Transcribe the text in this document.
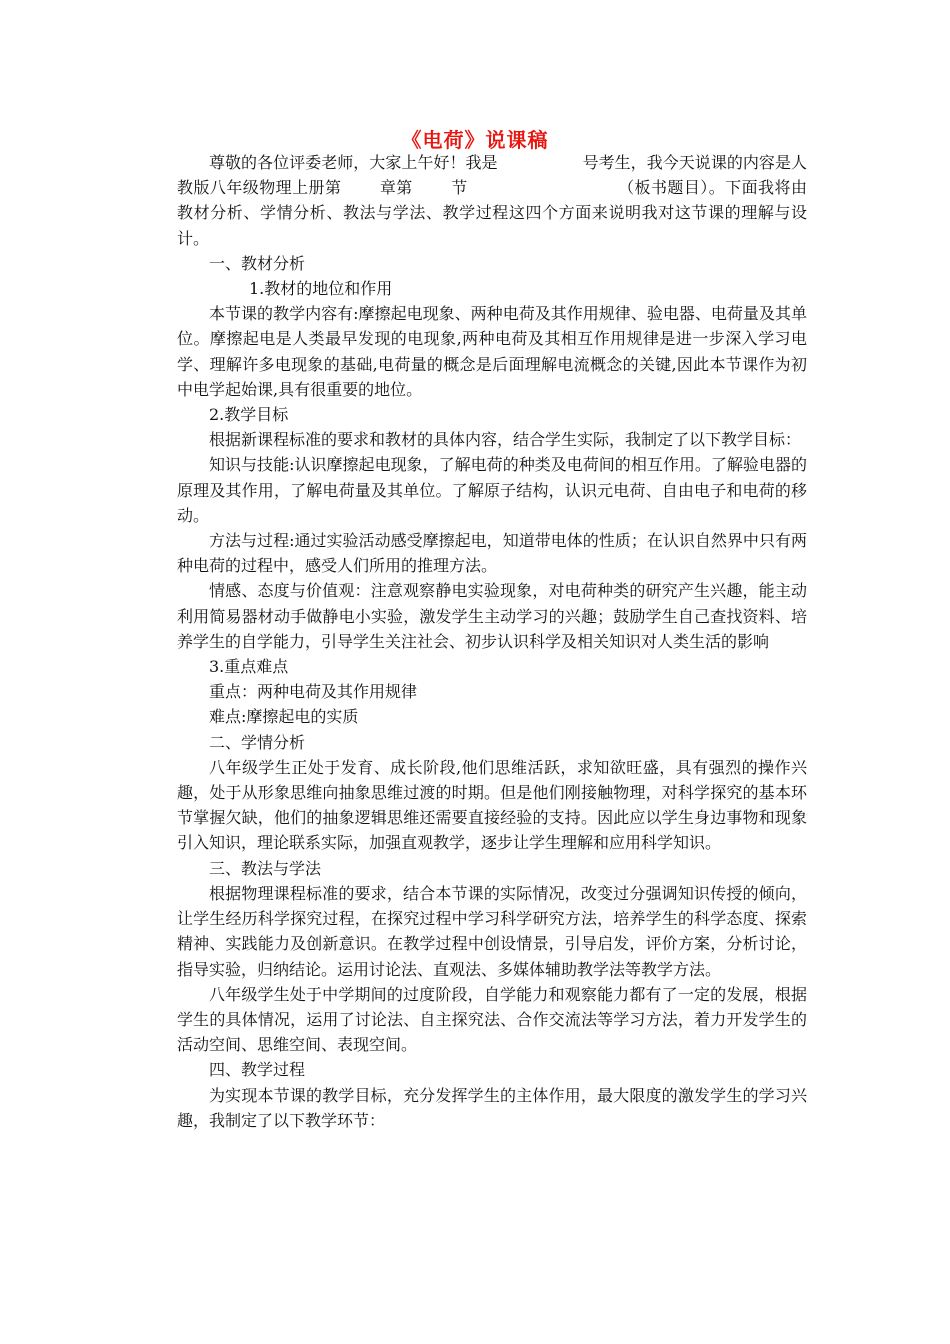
《电荷》说课稿

尊敬的各位评委老师，大家上午好！我是	号考生，我今天说课的内容是人教版八年级物理上册第 章第 节	（板书题目）。下面我将由教材分析、学情分析、教法与学法、教学过程这四个方面来说明我对这节课的理解与设计。

一、教材分析

1.教材的地位和作用

本节课的教学内容有:摩擦起电现象、两种电荷及其作用规律、验电器、电荷量及其单位。摩擦起电是人类最早发现的电现象,两种电荷及其相互作用规律是进一步深入学习电学、理解许多电现象的基础,电荷量的概念是后面理解电流概念的关键,因此本节课作为初中电学起始课,具有很重要的地位。

2.教学目标

根据新课程标准的要求和教材的具体内容，结合学生实际，我制定了以下教学目标：

知识与技能:认识摩擦起电现象，了解电荷的种类及电荷间的相互作用。了解验电器的原理及其作用，了解电荷量及其单位。了解原子结构，认识元电荷、自由电子和电荷的移动。

方法与过程:通过实验活动感受摩擦起电，知道带电体的性质；在认识自然界中只有两种电荷的过程中，感受人们所用的推理方法。

情感、态度与价值观：注意观察静电实验现象，对电荷种类的研究产生兴趣，能主动利用简易器材动手做静电小实验，激发学生主动学习的兴趣；鼓励学生自己查找资料、培养学生的自学能力，引导学生关注社会、初步认识科学及相关知识对人类生活的影响

3.重点难点

重点：两种电荷及其作用规律

难点:摩擦起电的实质

二、学情分析

八年级学生正处于发育、成长阶段,他们思维活跃，求知欲旺盛，具有强烈的操作兴趣，处于从形象思维向抽象思维过渡的时期。但是他们刚接触物理，对科学探究的基本环节掌握欠缺，他们的抽象逻辑思维还需要直接经验的支持。因此应以学生身边事物和现象引入知识，理论联系实际，加强直观教学，逐步让学生理解和应用科学知识。

三、教法与学法

根据物理课程标准的要求，结合本节课的实际情况，改变过分强调知识传授的倾向，让学生经历科学探究过程，在探究过程中学习科学研究方法，培养学生的科学态度、探索精神、实践能力及创新意识。在教学过程中创设情景，引导启发，评价方案，分析讨论，指导实验，归纳结论。运用讨论法、直观法、多媒体辅助教学法等教学方法。

八年级学生处于中学期间的过度阶段，自学能力和观察能力都有了一定的发展，根据学生的具体情况，运用了讨论法、自主探究法、合作交流法等学习方法，着力开发学生的活动空间、思维空间、表现空间。

四、教学过程

为实现本节课的教学目标，充分发挥学生的主体作用，最大限度的激发学生的学习兴趣，我制定了以下教学环节：
